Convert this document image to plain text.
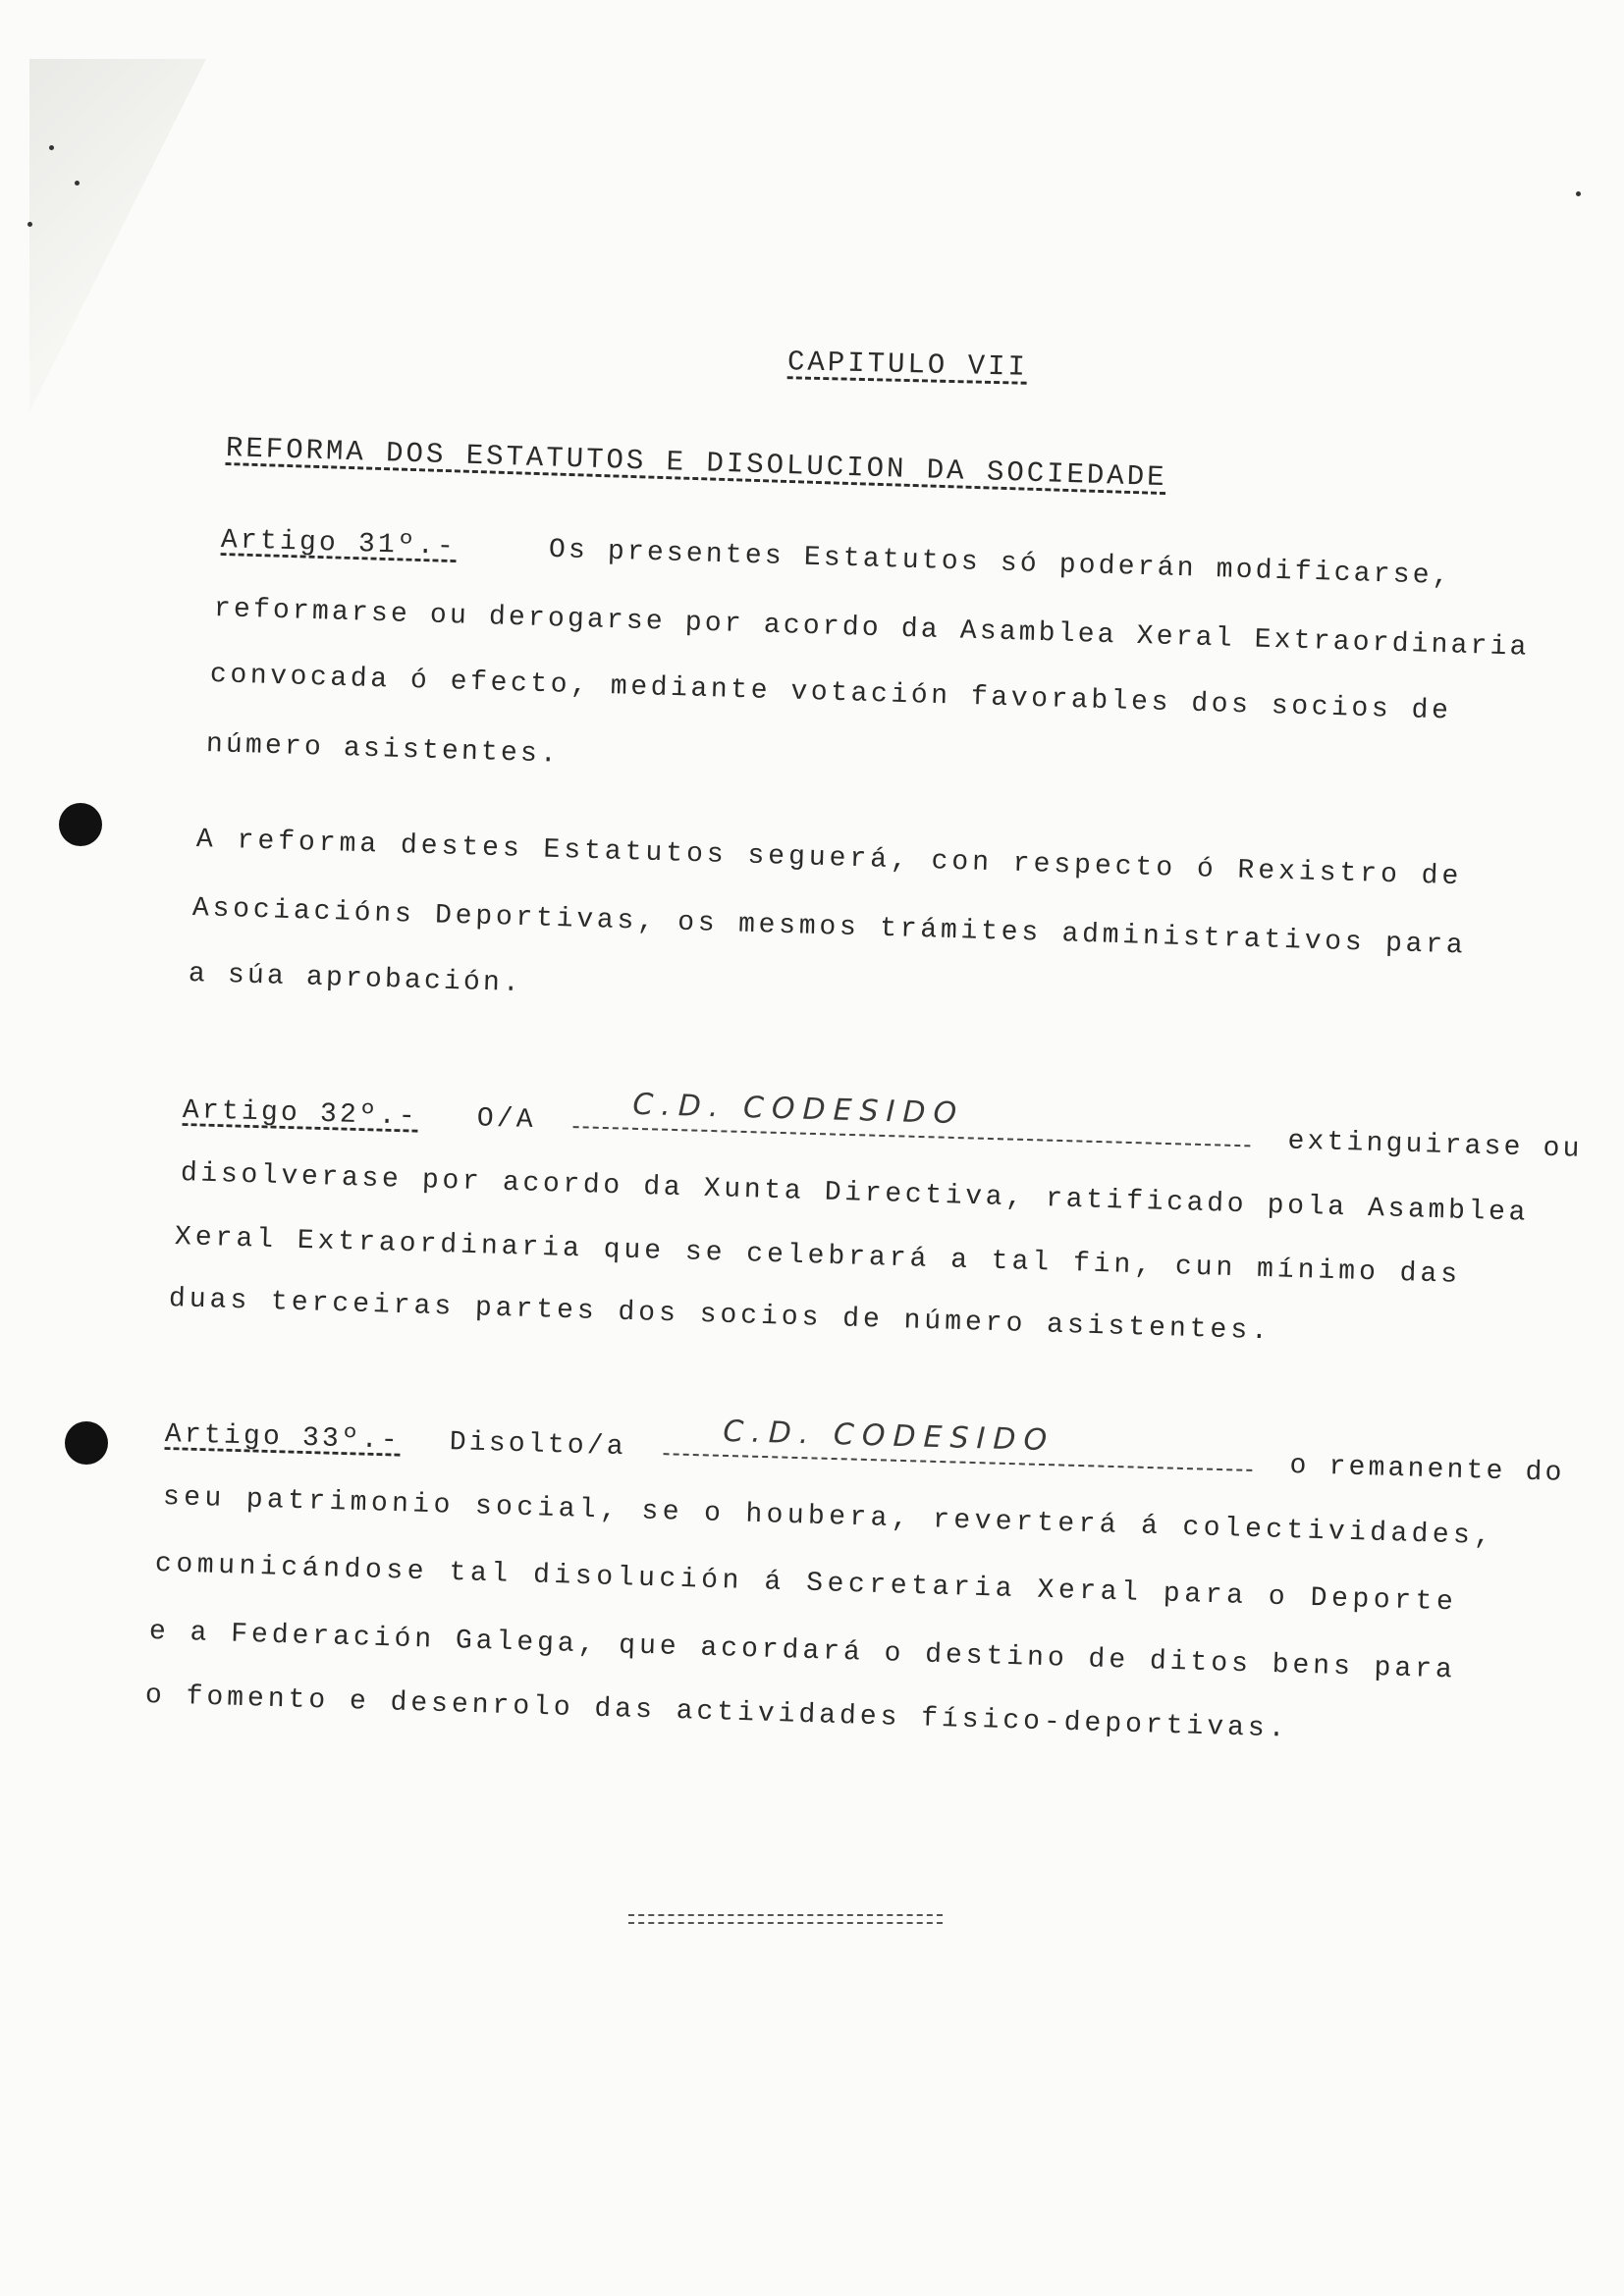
CAPITULO VII
REFORMA DOS ESTATUTOS E DISOLUCION DA SOCIEDADE
Artigo 31º.-	Os presentes Estatutos só poderán modificarse,
reformarse ou derogarse por acordo da Asamblea Xeral Extraordinaria
convocada ó efecto, mediante votación favorables dos socios de
número asistentes.
A reforma destes Estatutos seguerá, con respecto ó Rexistro de
Asociacións Deportivas, os mesmos trámites administrativos para
a súa aprobación.
Artigo 32º.- O/A	C.D. CODESIDO
extinguirase ou
disolverase por acordo da Xunta Directiva, ratificado pola Asamblea
Xeral Extraordinaria que se celebrará a tal fin, cun mínimo das
duas terceiras partes dos socios de número asistentes.
Artigo 33º.- Disolto/a	C.D. CODESIDO
o remanente do
seu patrimonio social, se o houbera, reverterá á colectividades,
comunicándose tal disolución á Secretaria Xeral para o Deporte
e a Federación Galega, que acordará o destino de ditos bens para
o fomento e desenrolo das actividades físico-deportivas.
